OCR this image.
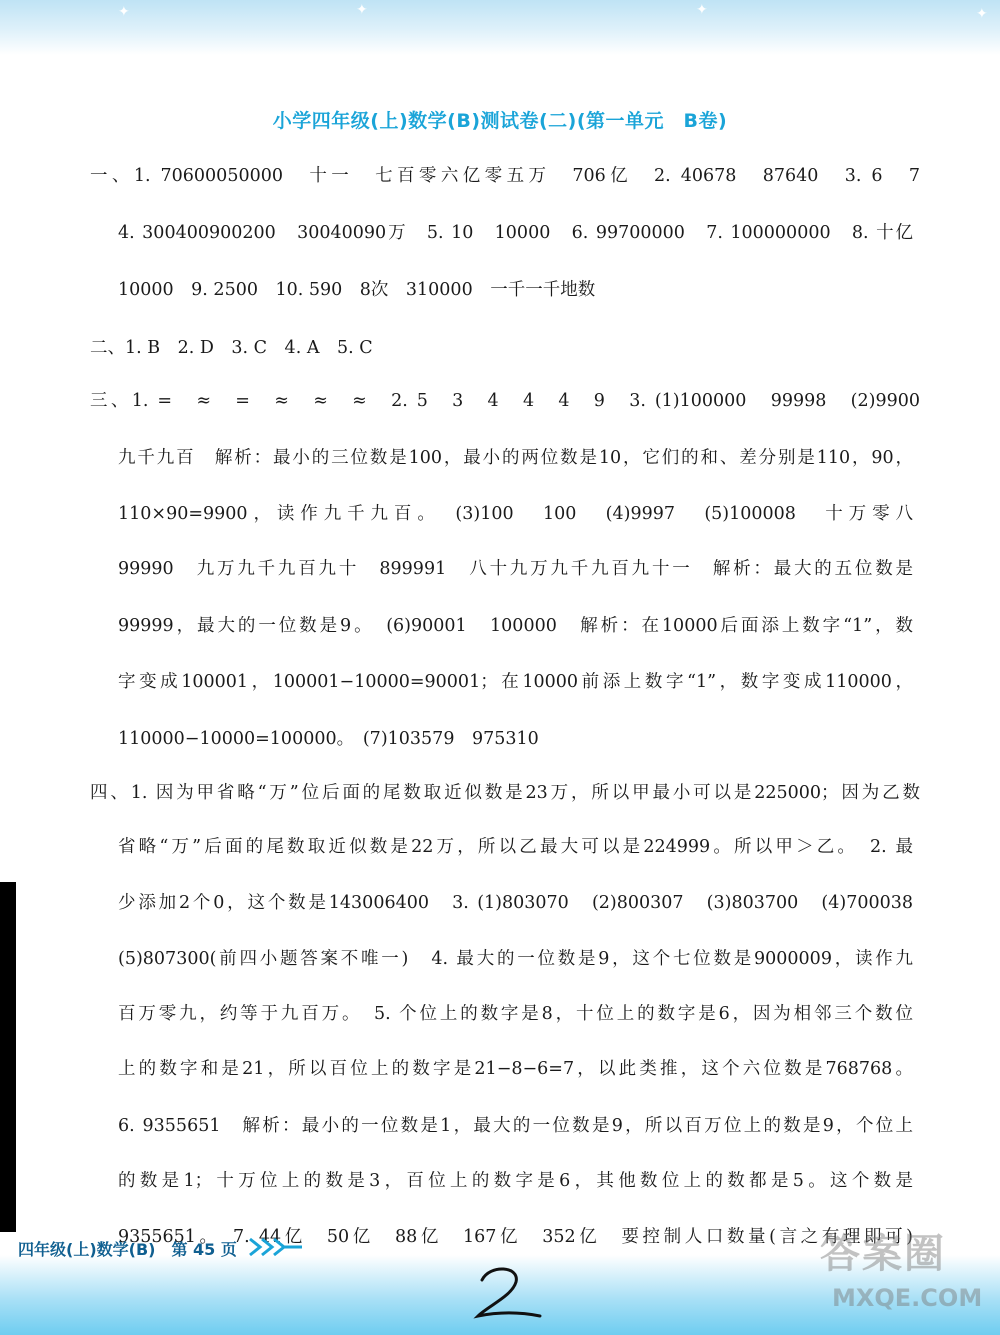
✦	✦	✦	✦
小学四年级(上)数学(B)测试卷(二)(第一单元　B卷)
一、1. 70600050000　十一　七百零六亿零五万　706亿　2. 40678　87640　3. 6　7
4. 300400900200　30040090万　5. 10　10000　6. 99700000　7. 100000000　8. 十亿
10000　9. 2500　10. 590　8次　310000　一千一千地数
二、1. B　2. D　3. C　4. A　5. C
三、1. =　≈　=　≈　≈　≈　2. 5　3　4　4　4　9　3. (1)100000　99998　(2)9900
九千九百　解析：最小的三位数是100，最小的两位数是10，它们的和、差分别是110，90，
110×90=9900，读作九千九百。　(3)100　100　(4)9997　(5)100008　十万零八
99990　九万九千九百九十　899991　八十九万九千九百九十一　解析：最大的五位数是
99999，最大的一位数是9。　(6)90001　100000　解析：在10000后面添上数字“1”，数
字变成100001，100001−10000=90001；在10000前添上数字“1”，数字变成110000，
110000−10000=100000。　(7)103579　975310
四、1. 因为甲省略“万”位后面的尾数取近似数是23万，所以甲最小可以是225000；因为乙数
省略“万”后面的尾数取近似数是22万，所以乙最大可以是224999。所以甲＞乙。　2. 最
少添加2个0，这个数是143006400　3. (1)803070　(2)800307　(3)803700　(4)700038
(5)807300(前四小题答案不唯一)　4. 最大的一位数是9，这个七位数是9000009，读作九
百万零九，约等于九百万。　5. 个位上的数字是8，十位上的数字是6，因为相邻三个数位
上的数字和是21，所以百位上的数字是21−8−6=7，以此类推，这个六位数是768768。
6. 9355651　解析：最小的一位数是1，最大的一位数是9，所以百万位上的数是9，个位上
的数是1；十万位上的数是3，百位上的数字是6，其他数位上的数都是5。这个数是
9355651。　7. 44亿　50亿　88亿　167亿　352亿　要控制人口数量(言之有理即可)
四年级(上)数学(B)　第 45 页	答案圈
MXQE.COM
